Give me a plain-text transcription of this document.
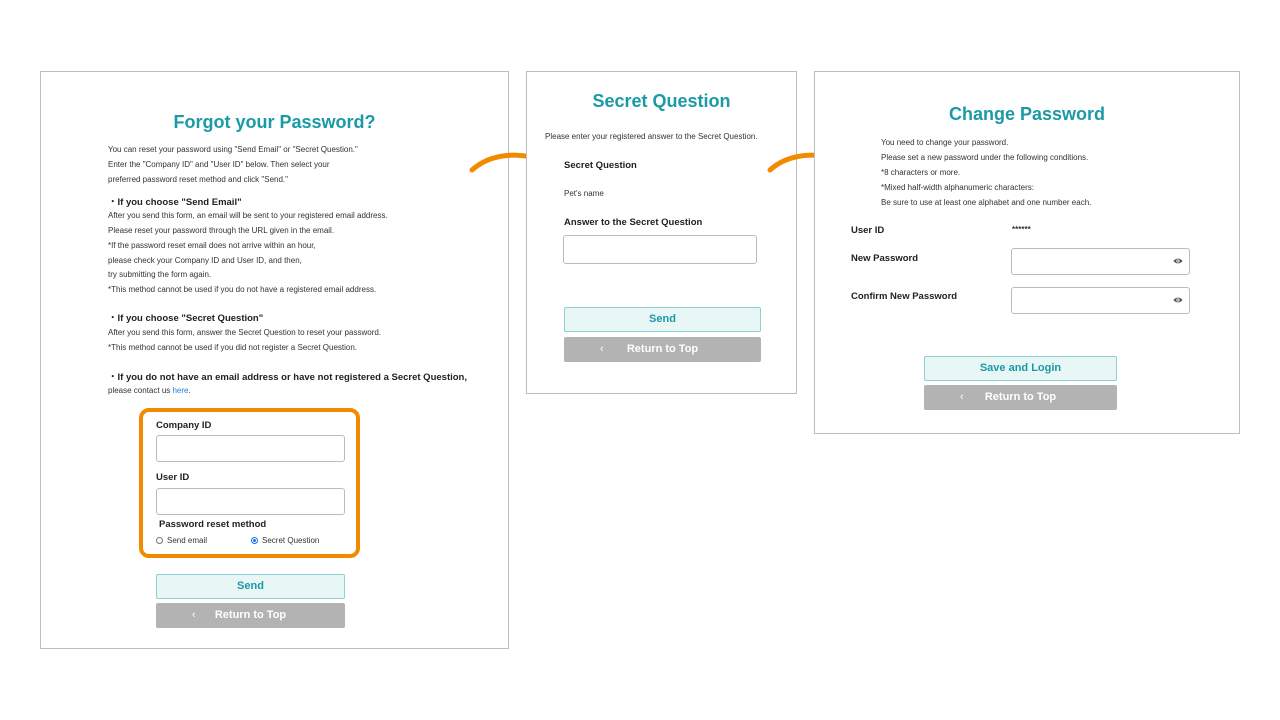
Forgot your Password?
You can reset your password using "Send Email" or "Secret Question."
Enter the "Company ID" and "User ID" below. Then select your
preferred password reset method and click "Send."
・If you choose "Send Email"
After you send this form, an email will be sent to your registered email address.
Please reset your password through the URL given in the email.
*If the password reset email does not arrive within an hour,
please check your Company ID and User ID, and then,
try submitting the form again.
*This method cannot be used if you do not have a registered email address.
・If you choose "Secret Question"
After you send this form, answer the Secret Question to reset your password.
*This method cannot be used if you did not register a Secret Question.
・If you do not have an email address or have not registered a Secret Question,
please contact us here.
Company ID
User ID
Password reset method
Send email	Secret Question
Send
‹ Return to Top
Secret Question
Please enter your registered answer to the Secret Question.
Secret Question
Pet's name
Answer to the Secret Question
Send
‹ Return to Top
Change Password
You need to change your password.
Please set a new password under the following conditions.
*8 characters or more.
*Mixed half-width alphanumeric characters:
Be sure to use at least one alphabet and one number each.
User ID	******
New Password
Confirm New Password
Save and Login
‹ Return to Top
